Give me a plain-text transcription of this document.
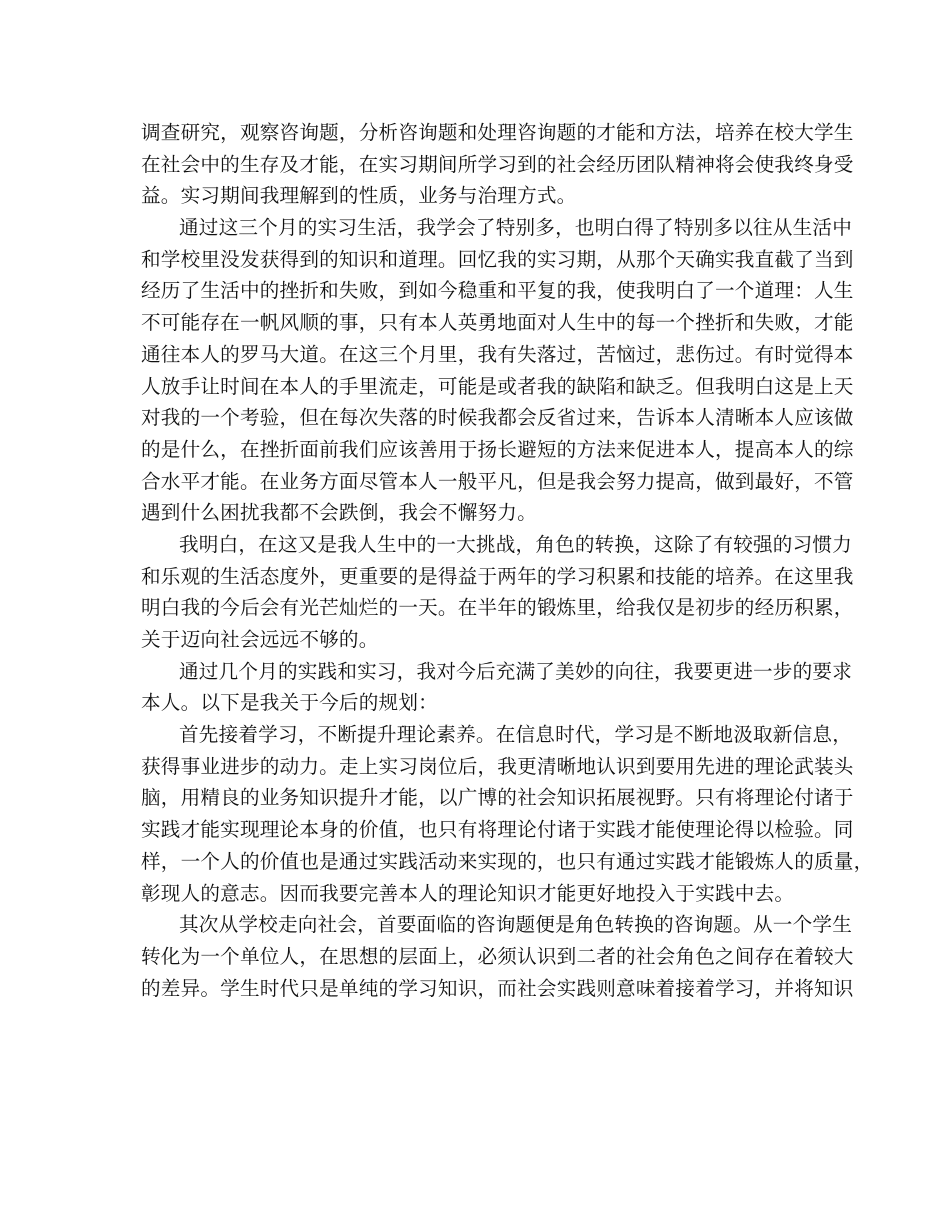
调查研究，观察咨询题，分析咨询题和处理咨询题的才能和方法，培养在校大学生
在社会中的生存及才能，在实习期间所学习到的社会经历团队精神将会使我终身受
益。实习期间我理解到的性质，业务与治理方式。
通过这三个月的实习生活，我学会了特别多，也明白得了特别多以往从生活中
和学校里没发获得到的知识和道理。回忆我的实习期，从那个天确实我直截了当到
经历了生活中的挫折和失败，到如今稳重和平复的我，使我明白了一个道理：人生
不可能存在一帆风顺的事，只有本人英勇地面对人生中的每一个挫折和失败，才能
通往本人的罗马大道。在这三个月里，我有失落过，苦恼过，悲伤过。有时觉得本
人放手让时间在本人的手里流走，可能是或者我的缺陷和缺乏。但我明白这是上天
对我的一个考验，但在每次失落的时候我都会反省过来，告诉本人清晰本人应该做
的是什么，在挫折面前我们应该善用于扬长避短的方法来促进本人，提高本人的综
合水平才能。在业务方面尽管本人一般平凡，但是我会努力提高，做到最好，不管
遇到什么困扰我都不会跌倒，我会不懈努力。
我明白，在这又是我人生中的一大挑战，角色的转换，这除了有较强的习惯力
和乐观的生活态度外，更重要的是得益于两年的学习积累和技能的培养。在这里我
明白我的今后会有光芒灿烂的一天。在半年的锻炼里，给我仅是初步的经历积累，
关于迈向社会远远不够的。
通过几个月的实践和实习，我对今后充满了美妙的向往，我要更进一步的要求
本人。以下是我关于今后的规划：
首先接着学习，不断提升理论素养。在信息时代，学习是不断地汲取新信息，
获得事业进步的动力。走上实习岗位后，我更清晰地认识到要用先进的理论武装头
脑，用精良的业务知识提升才能，以广博的社会知识拓展视野。只有将理论付诸于
实践才能实现理论本身的价值，也只有将理论付诸于实践才能使理论得以检验。同
样，一个人的价值也是通过实践活动来实现的，也只有通过实践才能锻炼人的质量，
彰现人的意志。因而我要完善本人的理论知识才能更好地投入于实践中去。
其次从学校走向社会，首要面临的咨询题便是角色转换的咨询题。从一个学生
转化为一个单位人，在思想的层面上，必须认识到二者的社会角色之间存在着较大
的差异。学生时代只是单纯的学习知识，而社会实践则意味着接着学习，并将知识
